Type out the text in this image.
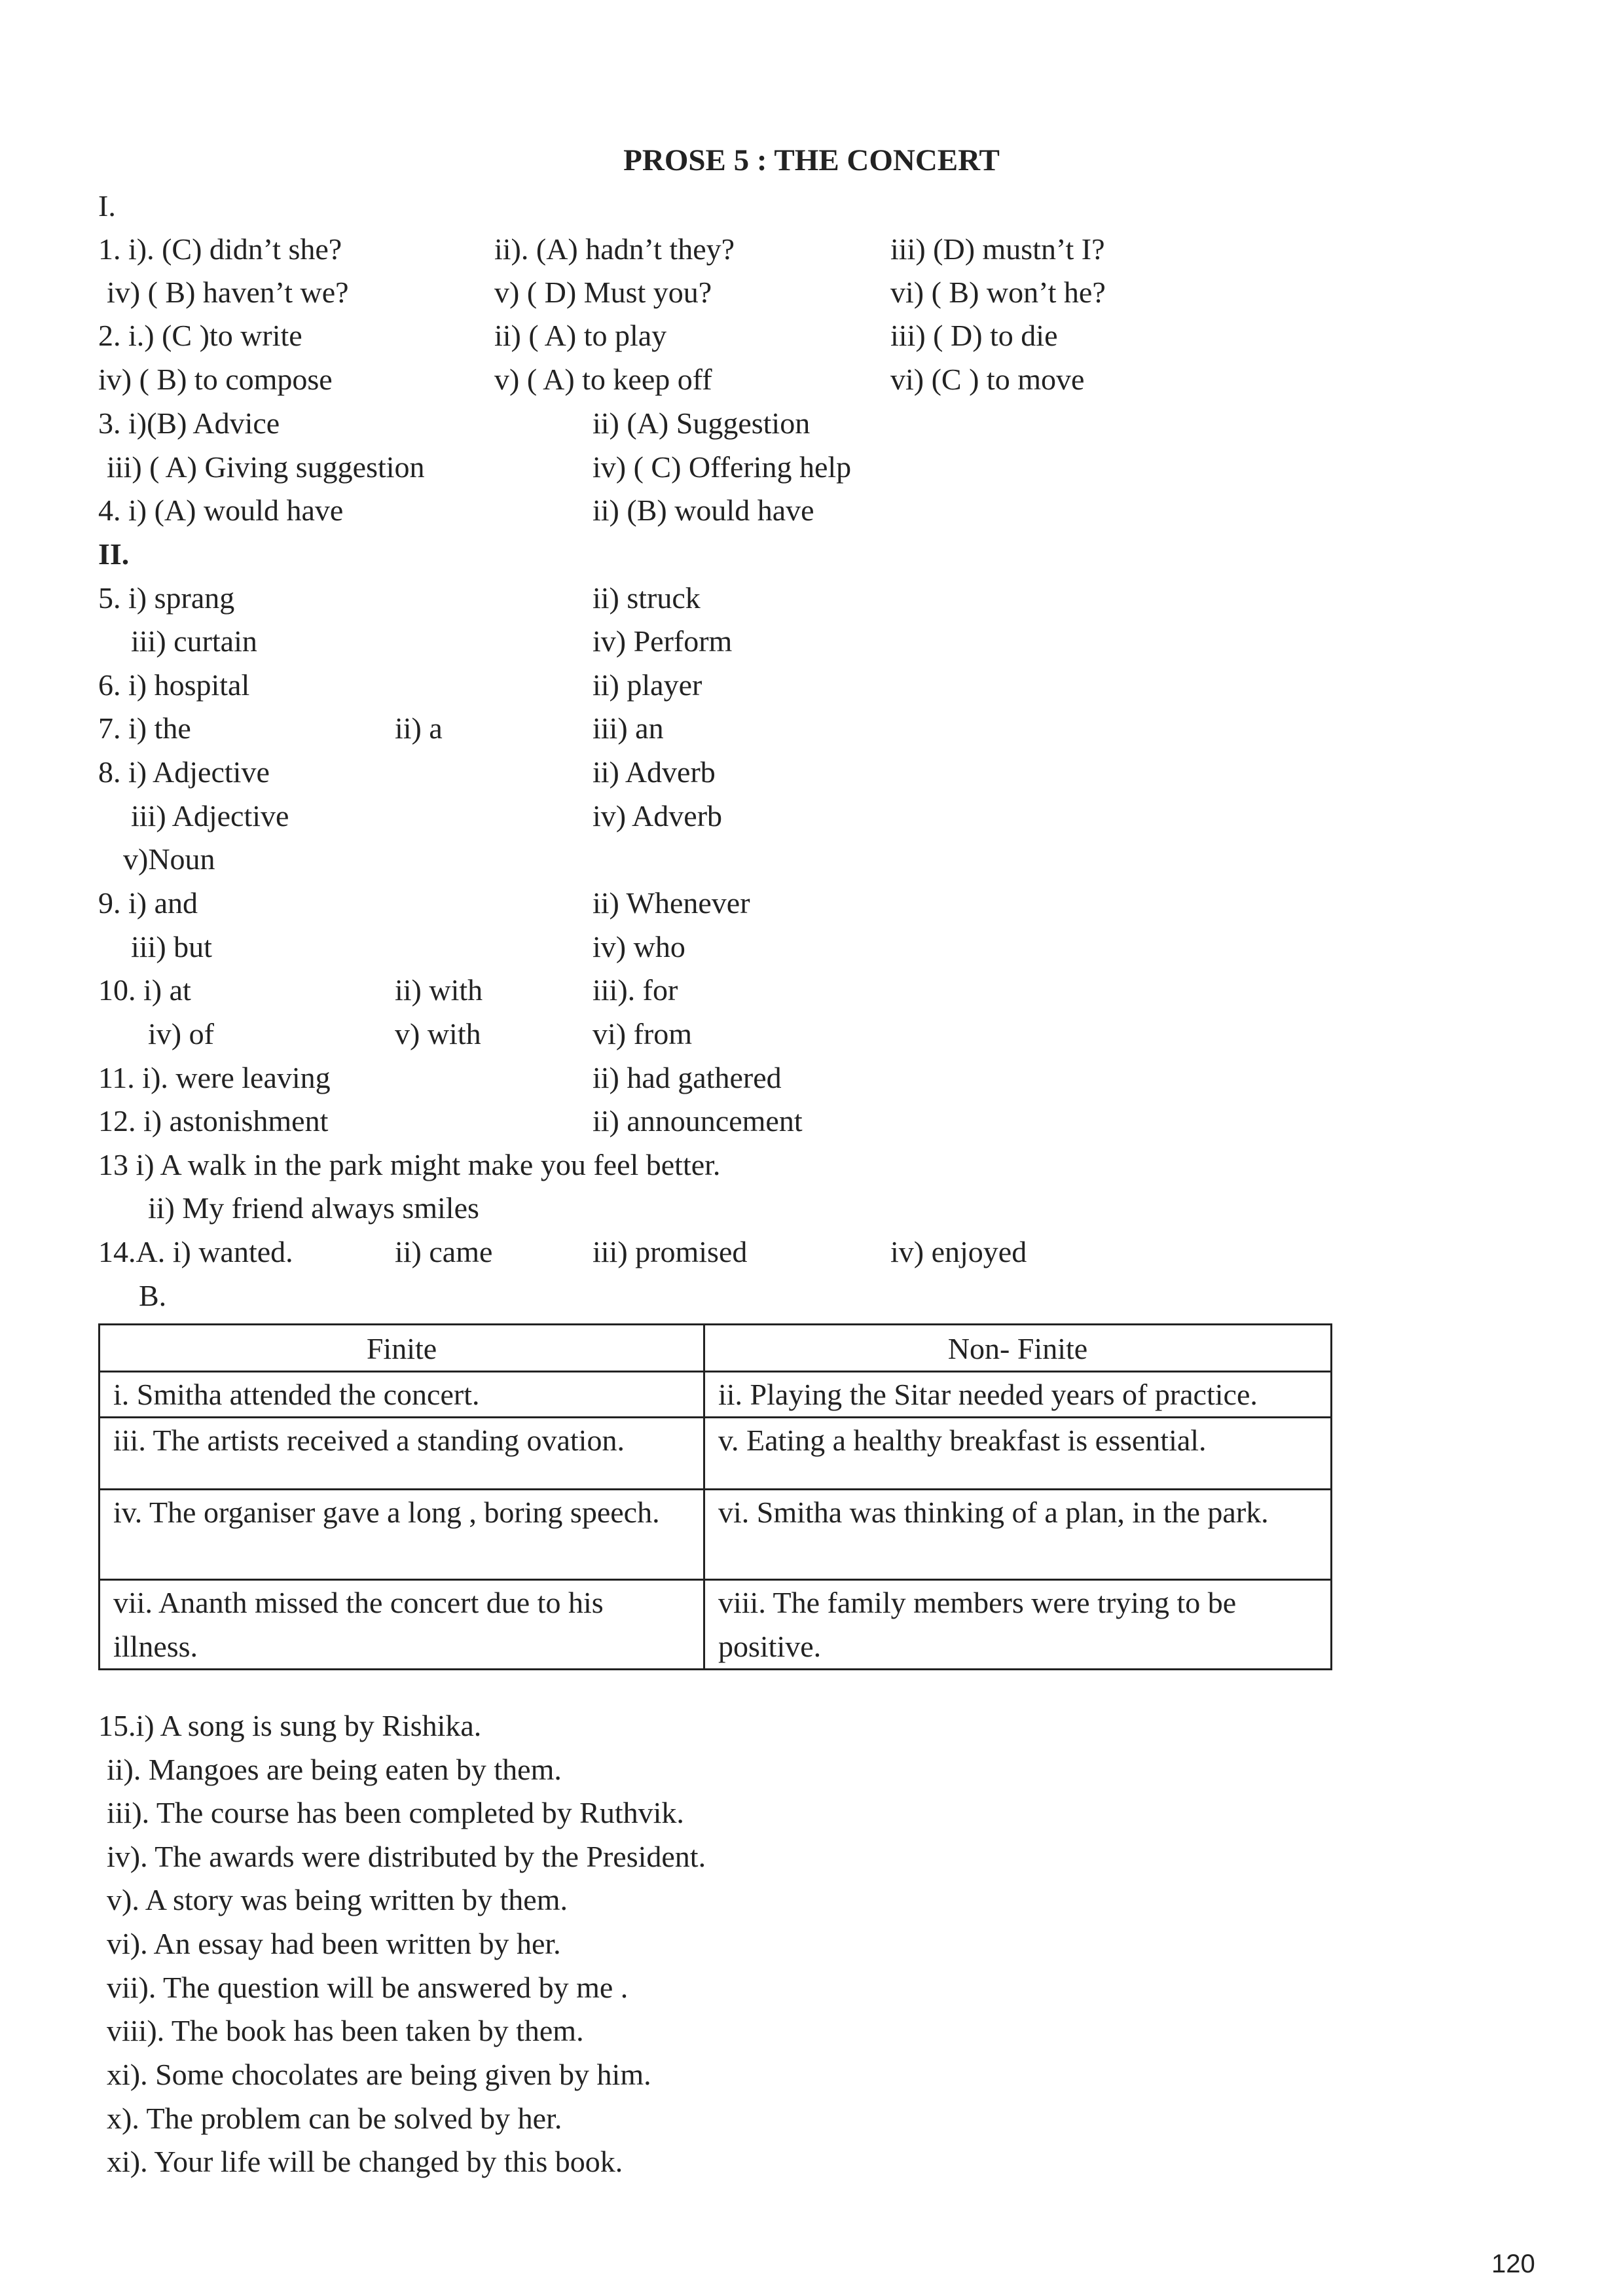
PROSE 5 : THE CONCERT
I.
1. i). (C) didn’t she?	ii). (A) hadn’t they?	iii) (D) mustn’t I?
iv) ( B) haven’t we?	v) ( D) Must you?	vi) ( B) won’t he?
2. i.) (C )to write	ii) ( A) to play	iii) ( D) to die
iv) ( B) to compose	v) ( A) to keep off	vi) (C ) to move
3. i)(B) Advice	ii) (A) Suggestion
iii) ( A) Giving suggestion	iv) ( C) Offering help
4. i) (A) would have	ii) (B) would have
II.
5. i) sprang	ii) struck
iii) curtain	iv) Perform
6. i) hospital	ii) player
7. i) the	ii) a	iii) an
8. i) Adjective	ii) Adverb
iii) Adjective	iv) Adverb
v)Noun
9. i) and	ii) Whenever
iii) but	iv) who
10. i) at	ii) with	iii). for
iv) of	v) with	vi) from
11. i). were leaving	ii) had gathered
12. i) astonishment	ii) announcement
13 i) A walk in the park might make you feel better.
ii) My friend always smiles
14.A. i) wanted.	ii) came	iii) promised	iv) enjoyed
B.
Finite	Non- Finite
i. Smitha attended the concert.	ii. Playing the Sitar needed years of practice.
iii. The artists received a standing ovation.	v. Eating a healthy breakfast is essential.
iv. The organiser gave a long , boring speech.	vi. Smitha was thinking of a plan, in the park.
vii. Ananth missed the concert due to his illness.	viii. The family members were trying to be positive.
15.i) A song is sung by Rishika.
ii). Mangoes are being eaten by them.
iii). The course has been completed by Ruthvik.
iv). The awards were distributed by the President.
v). A story was being written by them.
vi). An essay had been written by her.
vii). The question will be answered by me .
viii). The book has been taken by them.
xi). Some chocolates are being given by him.
x). The problem can be solved by her.
xi). Your life will be changed by this book.
120
